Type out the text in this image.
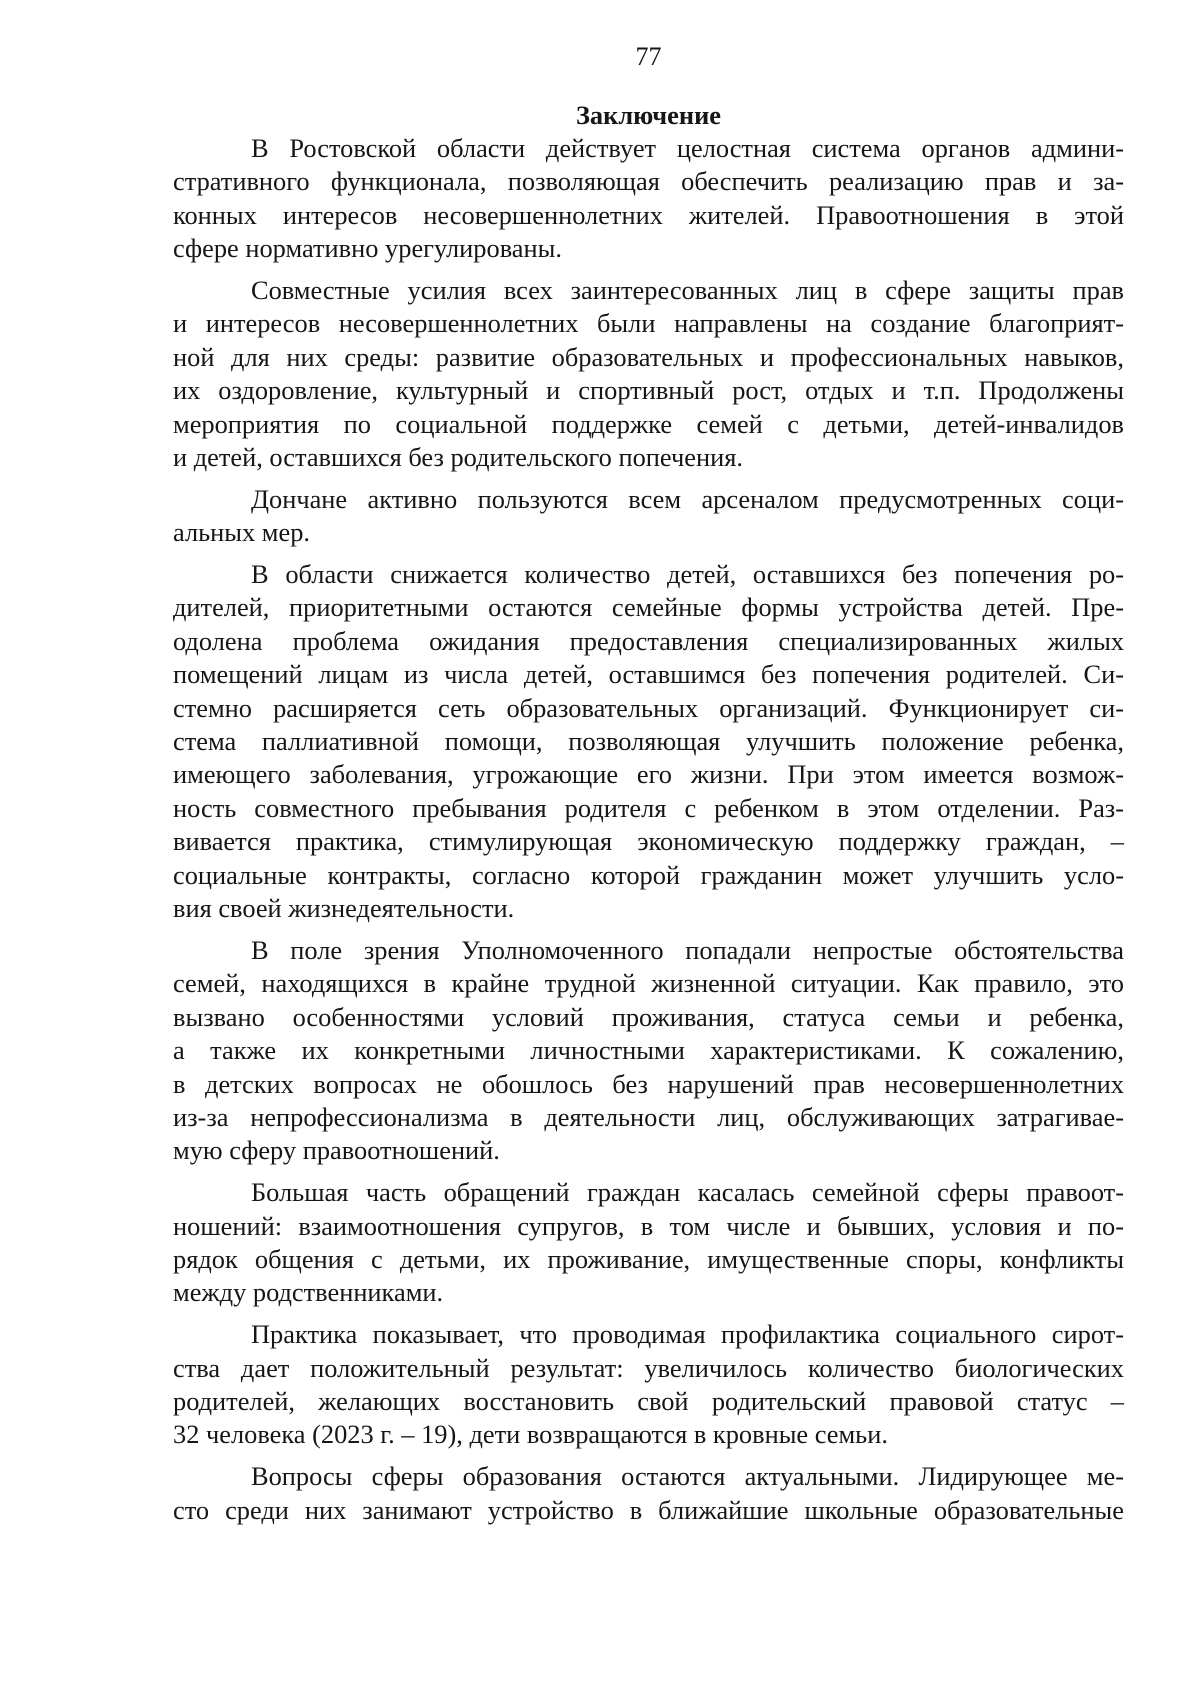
77
Заключение
В Ростовской области действует целостная система органов админи-
стративного функционала, позволяющая обеспечить реализацию прав и за-
конных интересов несовершеннолетних жителей. Правоотношения в этой
сфере нормативно урегулированы.
Совместные усилия всех заинтересованных лиц в сфере защиты прав
и интересов несовершеннолетних были направлены на создание благоприят-
ной для них среды: развитие образовательных и профессиональных навыков,
их оздоровление, культурный и спортивный рост, отдых и т.п. Продолжены
мероприятия по социальной поддержке семей с детьми, детей-инвалидов
и детей, оставшихся без родительского попечения.
Дончане активно пользуются всем арсеналом предусмотренных соци-
альных мер.
В области снижается количество детей, оставшихся без попечения ро-
дителей, приоритетными остаются семейные формы устройства детей. Пре-
одолена проблема ожидания предоставления специализированных жилых
помещений лицам из числа детей, оставшимся без попечения родителей. Си-
стемно расширяется сеть образовательных организаций. Функционирует си-
стема паллиативной помощи, позволяющая улучшить положение ребенка,
имеющего заболевания, угрожающие его жизни. При этом имеется возмож-
ность совместного пребывания родителя с ребенком в этом отделении. Раз-
вивается практика, стимулирующая экономическую поддержку граждан, –
социальные контракты, согласно которой гражданин может улучшить усло-
вия своей жизнедеятельности.
В поле зрения Уполномоченного попадали непростые обстоятельства
семей, находящихся в крайне трудной жизненной ситуации. Как правило, это
вызвано особенностями условий проживания, статуса семьи и ребенка,
а также их конкретными личностными характеристиками. К сожалению,
в детских вопросах не обошлось без нарушений прав несовершеннолетних
из-за непрофессионализма в деятельности лиц, обслуживающих затрагивае-
мую сферу правоотношений.
Большая часть обращений граждан касалась семейной сферы правоот-
ношений: взаимоотношения супругов, в том числе и бывших, условия и по-
рядок общения с детьми, их проживание, имущественные споры, конфликты
между родственниками.
Практика показывает, что проводимая профилактика социального сирот-
ства дает положительный результат: увеличилось количество биологических
родителей, желающих восстановить свой родительский правовой статус –
32 человека (2023 г. – 19), дети возвращаются в кровные семьи.
Вопросы сферы образования остаются актуальными. Лидирующее ме-
сто среди них занимают устройство в ближайшие школьные образовательные
